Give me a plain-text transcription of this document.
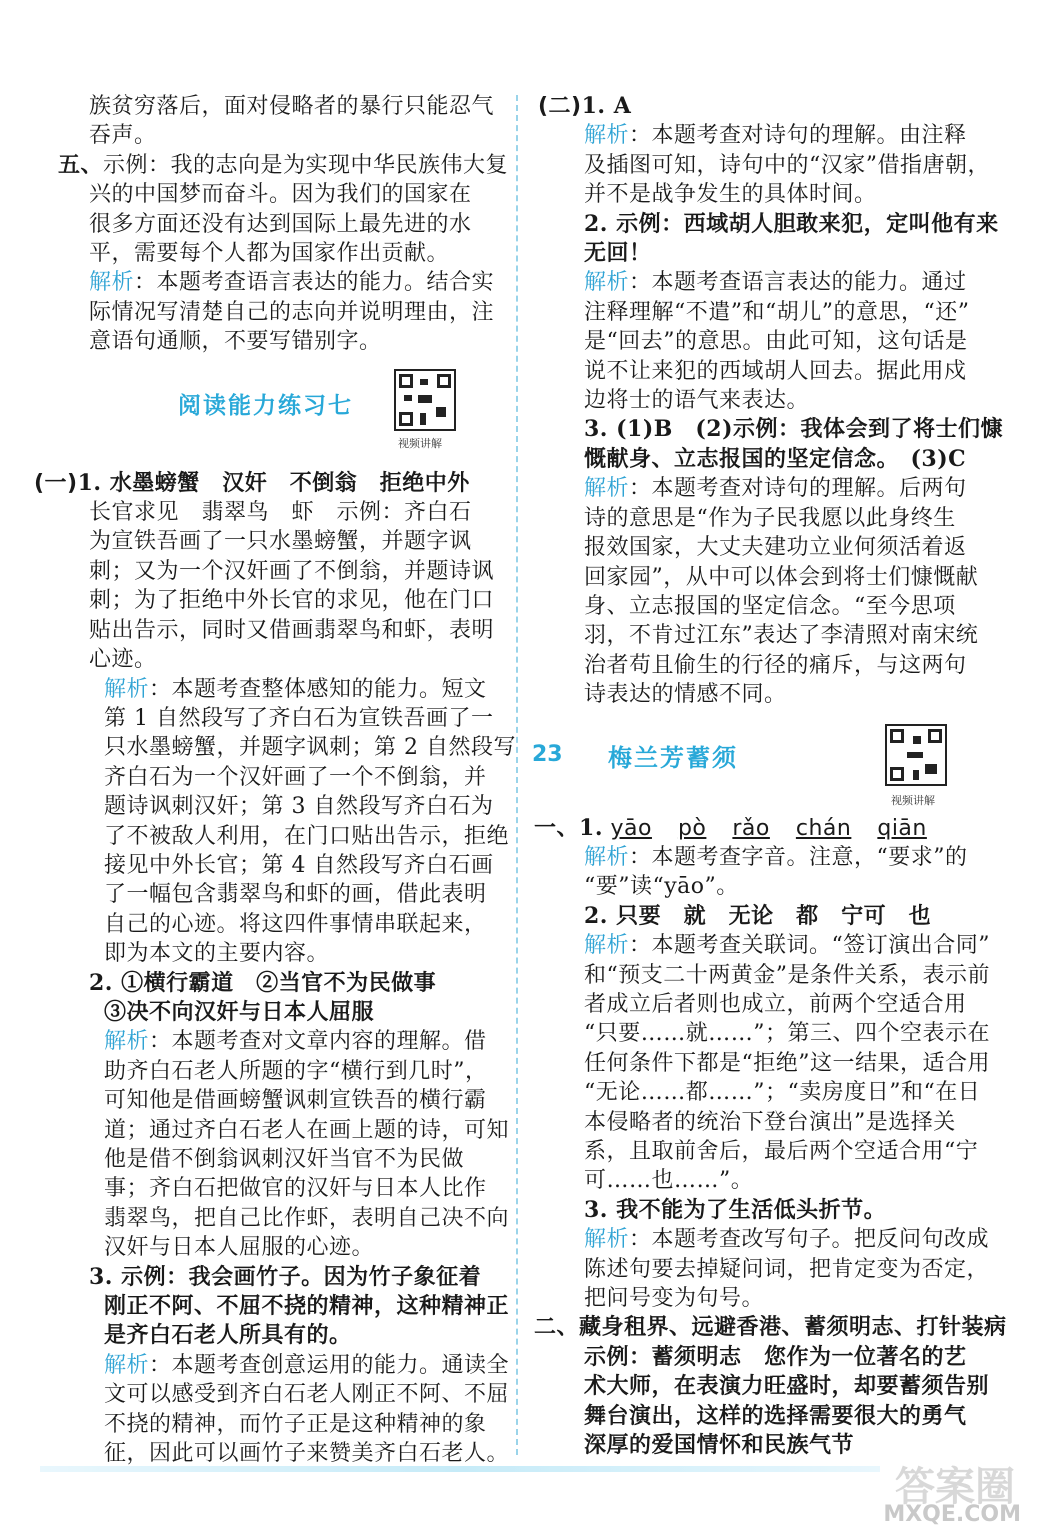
族贫穷落后，面对侵略者的暴行只能忍气
吞声。
五、示例：我的志向是为实现中华民族伟大复
兴的中国梦而奋斗。因为我们的国家在
很多方面还没有达到国际上最先进的水
平，需要每个人都为国家作出贡献。
解析：本题考查语言表达的能力。结合实
际情况写清楚自己的志向并说明理由，注
意语句通顺，不要写错别字。
阅读能力练习七
视频讲解
(一)1. 水墨螃蟹　汉奸　不倒翁　拒绝中外
长官求见　翡翠鸟　虾　示例：齐白石
为宣铁吾画了一只水墨螃蟹，并题字讽
刺；又为一个汉奸画了不倒翁，并题诗讽
刺；为了拒绝中外长官的求见，他在门口
贴出告示，同时又借画翡翠鸟和虾，表明
心迹。
解析：本题考查整体感知的能力。短文
第 1 自然段写了齐白石为宣铁吾画了一
只水墨螃蟹，并题字讽刺；第 2 自然段写
齐白石为一个汉奸画了一个不倒翁，并
题诗讽刺汉奸；第 3 自然段写齐白石为
了不被敌人利用，在门口贴出告示，拒绝
接见中外长官；第 4 自然段写齐白石画
了一幅包含翡翠鸟和虾的画，借此表明
自己的心迹。将这四件事情串联起来，
即为本文的主要内容。
2. ①横行霸道　②当官不为民做事
③决不向汉奸与日本人屈服
解析：本题考查对文章内容的理解。借
助齐白石老人所题的字“横行到几时”，
可知他是借画螃蟹讽刺宣铁吾的横行霸
道；通过齐白石老人在画上题的诗，可知
他是借不倒翁讽刺汉奸当官不为民做
事；齐白石把做官的汉奸与日本人比作
翡翠鸟，把自己比作虾，表明自己决不向
汉奸与日本人屈服的心迹。
3. 示例：我会画竹子。因为竹子象征着
刚正不阿、不屈不挠的精神，这种精神正
是齐白石老人所具有的。
解析：本题考查创意运用的能力。通读全
文可以感受到齐白石老人刚正不阿、不屈
不挠的精神，而竹子正是这种精神的象
征，因此可以画竹子来赞美齐白石老人。
(二)1. A
解析：本题考查对诗句的理解。由注释
及插图可知，诗句中的“汉家”借指唐朝，
并不是战争发生的具体时间。
2. 示例：西域胡人胆敢来犯，定叫他有来
无回！
解析：本题考查语言表达的能力。通过
注释理解“不遣”和“胡儿”的意思，“还”
是“回去”的意思。由此可知，这句话是
说不让来犯的西域胡人回去。据此用戍
边将士的语气来表达。
3. (1)B　(2)示例：我体会到了将士们慷
慨献身、立志报国的坚定信念。　(3)C
解析：本题考查对诗句的理解。后两句
诗的意思是“作为子民我愿以此身终生
报效国家，大丈夫建功立业何须活着返
回家园”，从中可以体会到将士们慷慨献
身、立志报国的坚定信念。“至今思项
羽，不肯过江东”表达了李清照对南宋统
治者苟且偷生的行径的痛斥，与这两句
诗表达的情感不同。
23 梅兰芳蓄须
视频讲解
一、1. yāo pò rǎo chán qiān
解析：本题考查字音。注意，“要求”的
“要”读“yāo”。
2. 只要　就　无论　都　宁可　也
解析：本题考查关联词。“签订演出合同”
和“预支二十两黄金”是条件关系，表示前
者成立后者则也成立，前两个空适合用
“只要……就……”；第三、四个空表示在
任何条件下都是“拒绝”这一结果，适合用
“无论……都……”；“卖房度日”和“在日
本侵略者的统治下登台演出”是选择关
系，且取前舍后，最后两个空适合用“宁
可……也……”。
3. 我不能为了生活低头折节。
解析：本题考查改写句子。把反问句改成
陈述句要去掉疑问词，把肯定变为否定，
把问号变为句号。
二、藏身租界、远避香港、蓄须明志、打针装病
示例：蓄须明志　您作为一位著名的艺
术大师，在表演力旺盛时，却要蓄须告别
舞台演出，这样的选择需要很大的勇气
深厚的爱国情怀和民族气节
答案圈
MXQE.COM
